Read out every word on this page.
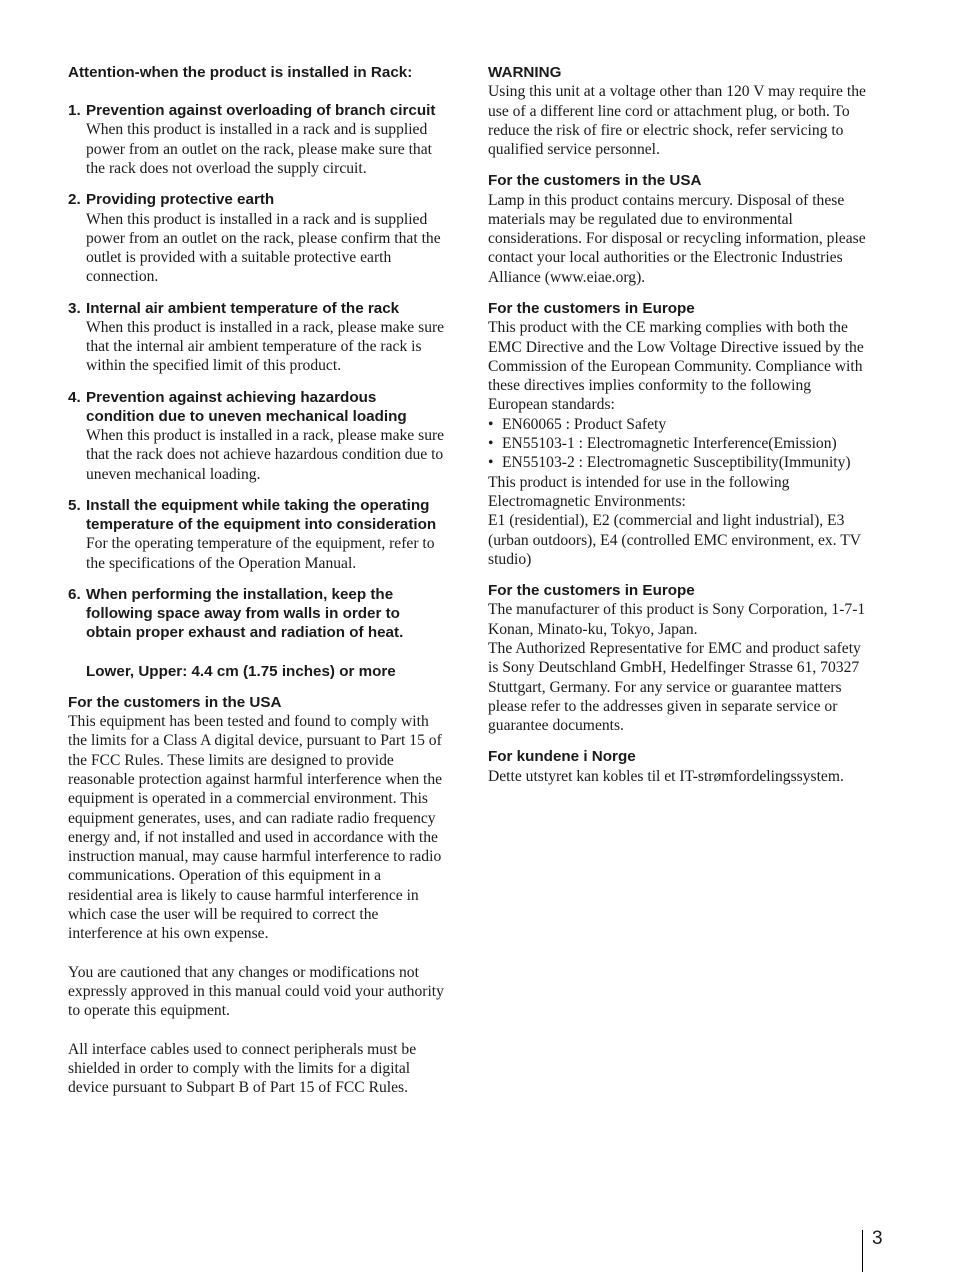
Attention-when the product is installed in Rack:
1. Prevention against overloading of branch circuit
When this product is installed in a rack and is supplied power from an outlet on the rack, please make sure that the rack does not overload the supply circuit.
2. Providing protective earth
When this product is installed in a rack and is supplied power from an outlet on the rack, please confirm that the outlet is provided with a suitable protective earth connection.
3. Internal air ambient temperature of the rack
When this product is installed in a rack, please make sure that the internal air ambient temperature of the rack is within the specified limit of this product.
4. Prevention against achieving hazardous condition due to uneven mechanical loading
When this product is installed in a rack, please make sure that the rack does not achieve hazardous condition due to uneven mechanical loading.
5. Install the equipment while taking the operating temperature of the equipment into consideration
For the operating temperature of the equipment, refer to the specifications of the Operation Manual.
6. When performing the installation, keep the following space away from walls in order to obtain proper exhaust and radiation of heat.
Lower, Upper: 4.4 cm (1.75 inches) or more
For the customers in the USA
This equipment has been tested and found to comply with the limits for a Class A digital device, pursuant to Part 15 of the FCC Rules. These limits are designed to provide reasonable protection against harmful interference when the equipment is operated in a commercial environment. This equipment generates, uses, and can radiate radio frequency energy and, if not installed and used in accordance with the instruction manual, may cause harmful interference to radio communications. Operation of this equipment in a residential area is likely to cause harmful interference in which case the user will be required to correct the interference at his own expense.
You are cautioned that any changes or modifications not expressly approved in this manual could void your authority to operate this equipment.
All interface cables used to connect peripherals must be shielded in order to comply with the limits for a digital device pursuant to Subpart B of Part 15 of FCC Rules.
WARNING
Using this unit at a voltage other than 120 V may require the use of a different line cord or attachment plug, or both. To reduce the risk of fire or electric shock, refer servicing to qualified service personnel.
For the customers in the USA
Lamp in this product contains mercury. Disposal of these materials may be regulated due to environmental considerations. For disposal or recycling information, please contact your local authorities or the Electronic Industries Alliance (www.eiae.org).
For the customers in Europe
This product with the CE marking complies with both the EMC Directive and the Low Voltage Directive issued by the Commission of the European Community. Compliance with these directives implies conformity to the following European standards:
• EN60065 : Product Safety
• EN55103-1 : Electromagnetic Interference(Emission)
• EN55103-2 : Electromagnetic Susceptibility(Immunity)
This product is intended for use in the following Electromagnetic Environments:
E1 (residential), E2 (commercial and light industrial), E3 (urban outdoors), E4 (controlled EMC environment, ex. TV studio)
For the customers in Europe
The manufacturer of this product is Sony Corporation, 1-7-1 Konan, Minato-ku, Tokyo, Japan.
The Authorized Representative for EMC and product safety is Sony Deutschland GmbH, Hedelfinger Strasse 61, 70327 Stuttgart, Germany. For any service or guarantee matters please refer to the addresses given in separate service or guarantee documents.
For kundene i Norge
Dette utstyret kan kobles til et IT-strømfordelingssystem.
3
